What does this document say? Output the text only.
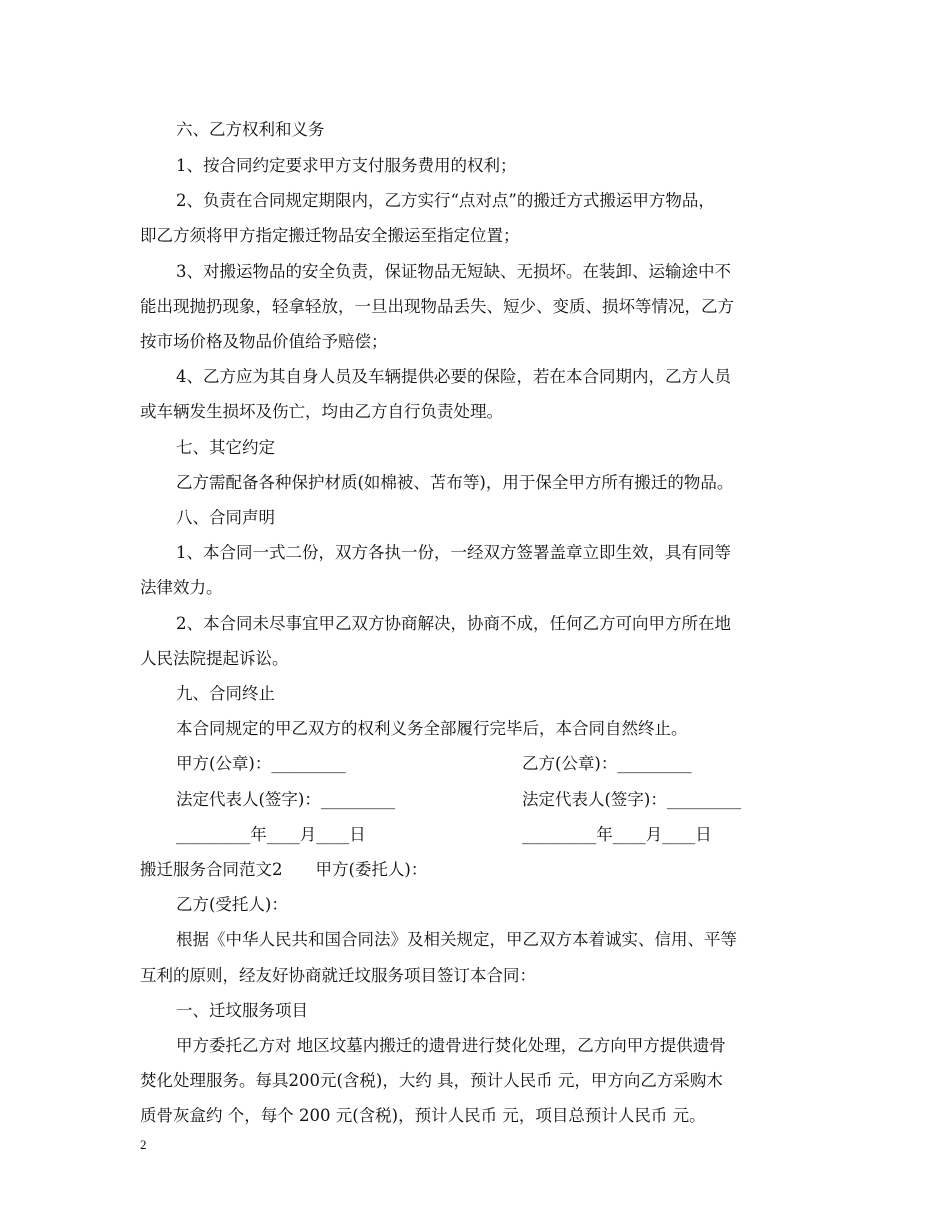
六、乙方权利和义务
1、按合同约定要求甲方支付服务费用的权利；
2、负责在合同规定期限内，乙方实行“点对点”的搬迁方式搬运甲方物品，
即乙方须将甲方指定搬迁物品安全搬运至指定位置；
3、对搬运物品的安全负责，保证物品无短缺、无损坏。在装卸、运输途中不
能出现抛扔现象，轻拿轻放，一旦出现物品丢失、短少、变质、损坏等情况，乙方
按市场价格及物品价值给予赔偿；
4、乙方应为其自身人员及车辆提供必要的保险，若在本合同期内，乙方人员
或车辆发生损坏及伤亡，均由乙方自行负责处理。
七、其它约定
乙方需配备各种保护材质(如棉被、苫布等)，用于保全甲方所有搬迁的物品。
八、合同声明
1、本合同一式二份，双方各执一份，一经双方签署盖章立即生效，具有同等
法律效力。
2、本合同未尽事宜甲乙双方协商解决，协商不成，任何乙方可向甲方所在地
人民法院提起诉讼。
九、合同终止
本合同规定的甲乙双方的权利义务全部履行完毕后，本合同自然终止。
甲方(公章)：_________	乙方(公章)：_________
法定代表人(签字)：_________	法定代表人(签字)：_________
_________年____月____日	_________年____月____日
搬迁服务合同范文2　　甲方(委托人)：
乙方(受托人)：
根据《中华人民共和国合同法》及相关规定，甲乙双方本着诚实、信用、平等
互利的原则，经友好协商就迁坟服务项目签订本合同：
一、迁坟服务项目
甲方委托乙方对 地区坟墓内搬迁的遗骨进行焚化处理，乙方向甲方提供遗骨
焚化处理服务。每具200元(含税)，大约 具，预计人民币 元，甲方向乙方采购木
质骨灰盒约 个，每个 200 元(含税)，预计人民币 元，项目总预计人民币 元。
2
